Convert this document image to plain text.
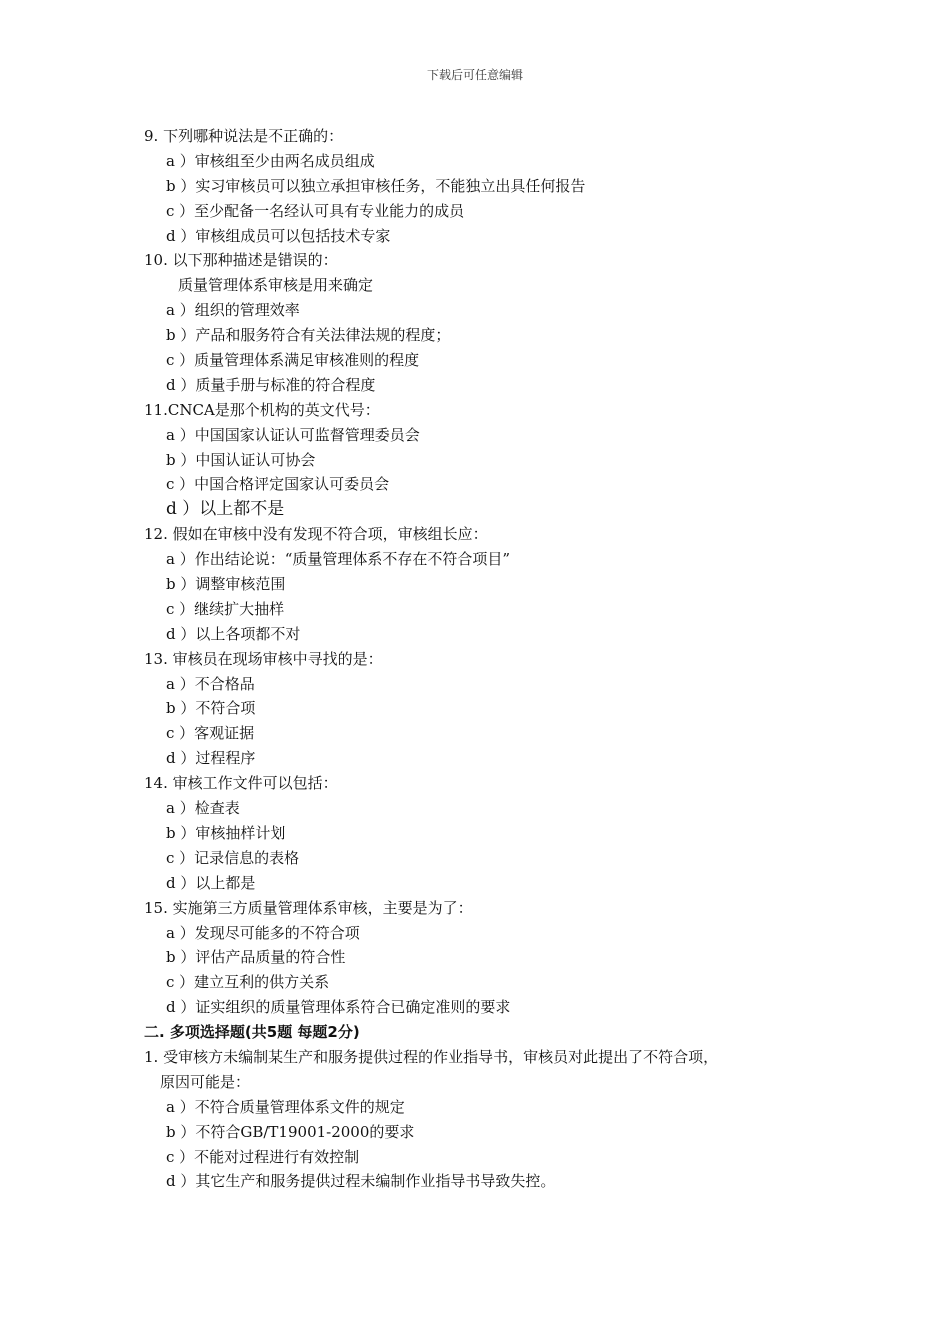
下载后可任意编辑
9. 下列哪种说法是不正确的：
a ）审核组至少由两名成员组成
b ）实习审核员可以独立承担审核任务，不能独立出具任何报告
c ）至少配备一名经认可具有专业能力的成员
d ）审核组成员可以包括技术专家
10. 以下那种描述是错误的：
质量管理体系审核是用来确定
a ）组织的管理效率
b ）产品和服务符合有关法律法规的程度；
c ）质量管理体系满足审核准则的程度
d ）质量手册与标准的符合程度
11.CNCA是那个机构的英文代号：
a ）中国国家认证认可监督管理委员会
b ）中国认证认可协会
c ）中国合格评定国家认可委员会
d ）以上都不是
12. 假如在审核中没有发现不符合项，审核组长应：
a ）作出结论说：“质量管理体系不存在不符合项目”
b ）调整审核范围
c ）继续扩大抽样
d ）以上各项都不对
13. 审核员在现场审核中寻找的是：
a ）不合格品
b ）不符合项
c ）客观证据
d ）过程程序
14. 审核工作文件可以包括：
a ）检查表
b ）审核抽样计划
c ）记录信息的表格
d ）以上都是
15. 实施第三方质量管理体系审核，主要是为了：
a ）发现尽可能多的不符合项
b ）评估产品质量的符合性
c ）建立互利的供方关系
d ）证实组织的质量管理体系符合已确定准则的要求
二. 多项选择题(共5题 每题2分)
1. 受审核方未编制某生产和服务提供过程的作业指导书，审核员对此提出了不符合项，
原因可能是：
a ）不符合质量管理体系文件的规定
b ）不符合GB/T19001-2000的要求
c ）不能对过程进行有效控制
d ）其它生产和服务提供过程未编制作业指导书导致失控。
